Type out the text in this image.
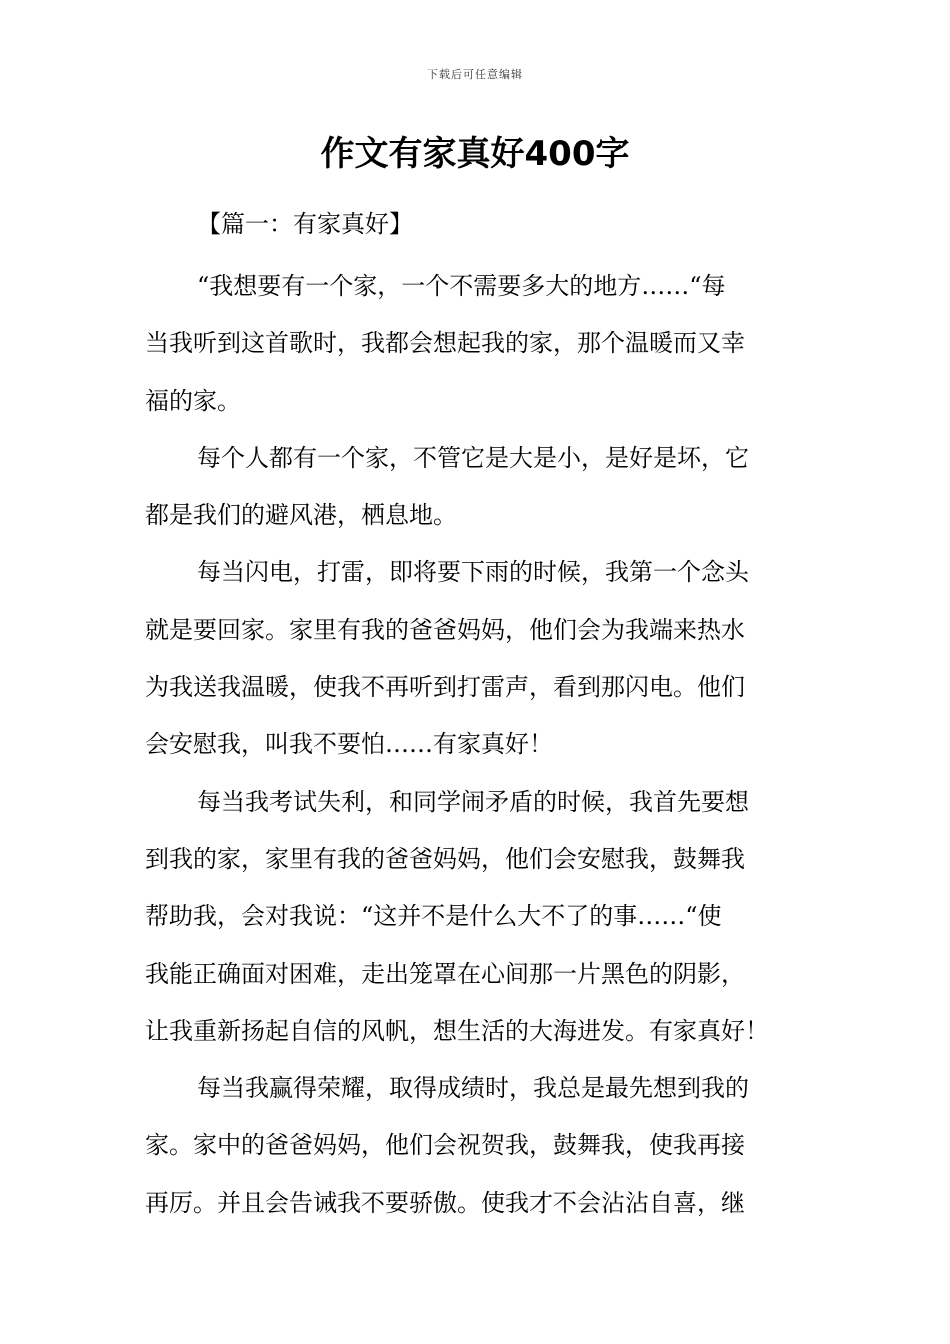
下载后可任意编辑
作文有家真好400字
【篇一：有家真好】
“我想要有一个家，一个不需要多大的地方……“每
当我听到这首歌时，我都会想起我的家，那个温暖而又幸
福的家。
每个人都有一个家，不管它是大是小，是好是坏，它
都是我们的避风港，栖息地。
每当闪电，打雷，即将要下雨的时候，我第一个念头
就是要回家。家里有我的爸爸妈妈，他们会为我端来热水
为我送我温暖，使我不再听到打雷声，看到那闪电。他们
会安慰我，叫我不要怕……有家真好！
每当我考试失利，和同学闹矛盾的时候，我首先要想
到我的家，家里有我的爸爸妈妈，他们会安慰我，鼓舞我
帮助我，会对我说：“这并不是什么大不了的事……“使
我能正确面对困难，走出笼罩在心间那一片黑色的阴影，
让我重新扬起自信的风帆，想生活的大海进发。有家真好！
每当我赢得荣耀，取得成绩时，我总是最先想到我的
家。家中的爸爸妈妈，他们会祝贺我，鼓舞我，使我再接
再厉。并且会告诫我不要骄傲。使我才不会沾沾自喜，继
